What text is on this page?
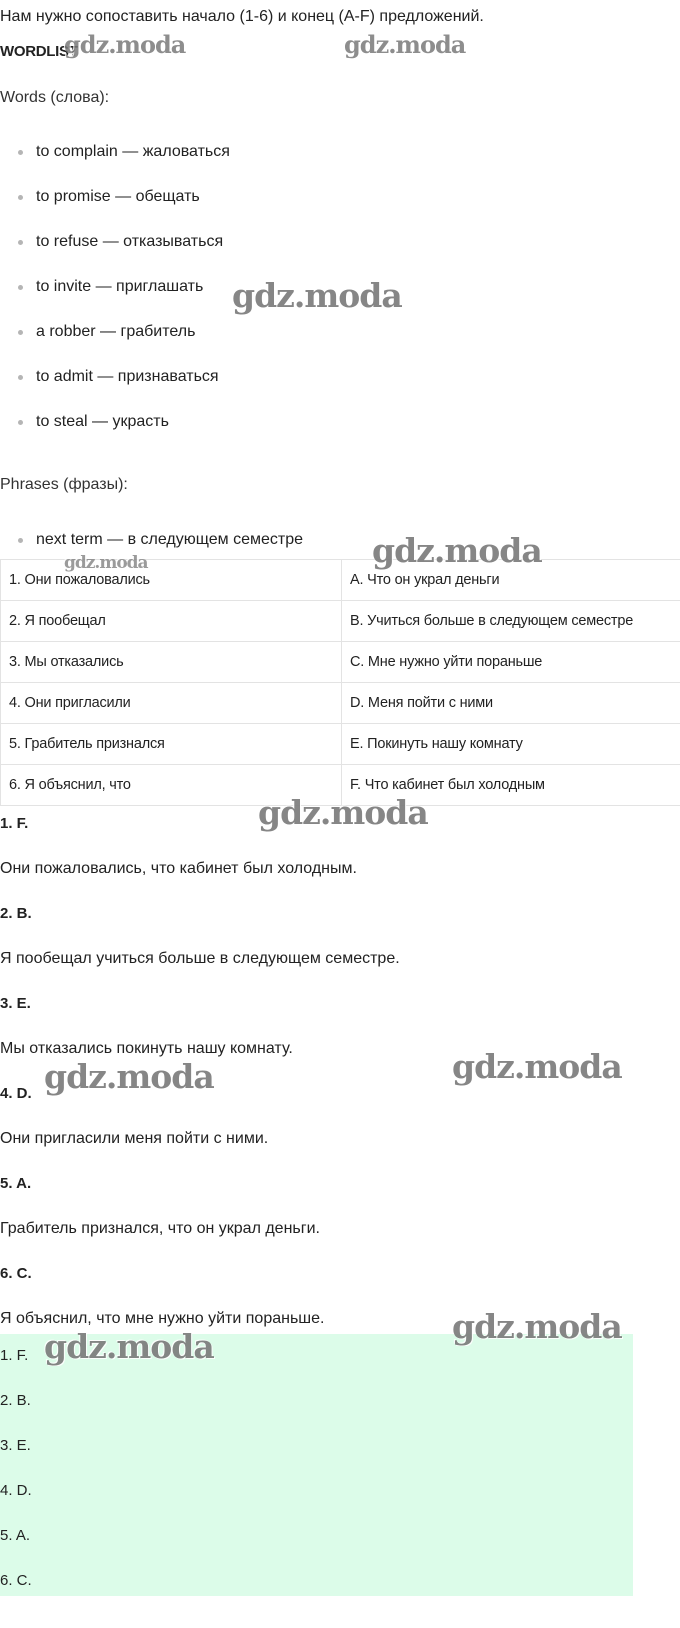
Нам нужно сопоставить начало (1-6) и конец (A-F) предложений.
WORDLIST
Words (слова):
to complain — жаловаться
to promise — обещать
to refuse — отказываться
to invite — приглашать
a robber — грабитель
to admit — признаваться
to steal — украсть
Phrases (фразы):
next term — в следующем семестре
1. Они пожаловались	A. Что он украл деньги
2. Я пообещал	B. Учиться больше в следующем семестре
3. Мы отказались	C. Мне нужно уйти пораньше
4. Они пригласили	D. Меня пойти с ними
5. Грабитель признался	E. Покинуть нашу комнату
6. Я объяснил, что	F. Что кабинет был холодным
1. F.
Они пожаловались, что кабинет был холодным.
2. B.
Я пообещал учиться больше в следующем семестре.
3. E.
Мы отказались покинуть нашу комнату.
4. D.
Они пригласили меня пойти с ними.
5. A.
Грабитель признался, что он украл деньги.
6. C.
Я объяснил, что мне нужно уйти пораньше.
1. F.
2. B.
3. E.
4. D.
5. A.
6. C.
gdz.moda	gdz.moda
gdz.moda
gdz.moda
gdz.moda
gdz.moda
gdz.moda
gdz.moda
gdz.moda
gdz.moda
